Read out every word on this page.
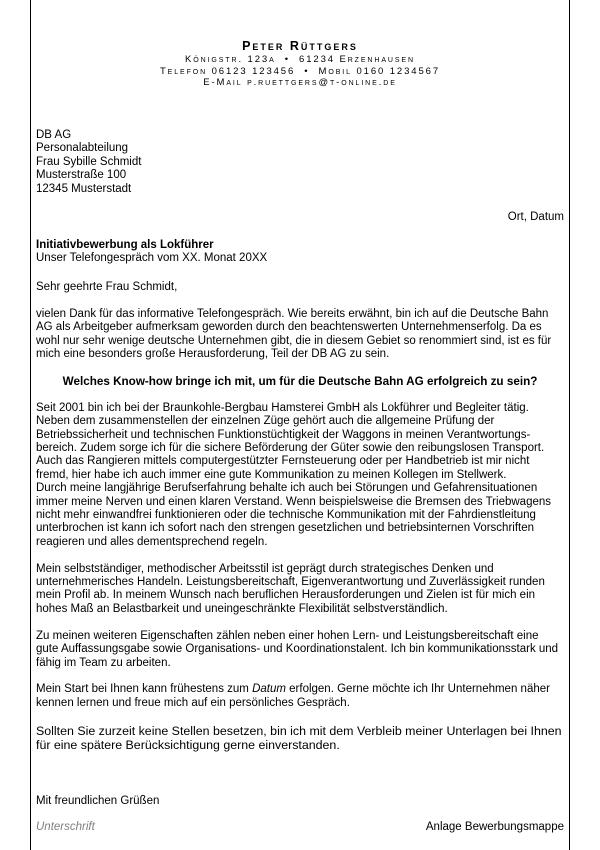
Peter Rüttgers
Königstr. 123a  •  61234 Erzenhausen
Telefon 06123 123456  •  Mobil 0160 1234567
E-Mail p.ruettgers@t-online.de

DB AG

Personalabteilung

Frau Sybille Schmidt

Musterstraße 100

12345 Musterstadt

Ort, Datum

Initiativbewerbung als Lokführer

Unser Telefongespräch vom XX. Monat 20XX

Sehr geehrte Frau Schmidt,

vielen Dank für das informative Telefongespräch. Wie bereits erwähnt, bin ich auf die Deutsche Bahn AG als Arbeitgeber aufmerksam geworden durch den beachtenswerten Unternehmenserfolg. Da es wohl nur sehr wenige deutsche Unternehmen gibt, die in diesem Gebiet so renommiert sind, ist es für mich eine besonders große Herausforderung, Teil der DB AG zu sein.

Welches Know-how bringe ich mit, um für die Deutsche Bahn AG erfolgreich zu sein?

Seit 2001 bin ich bei der Braunkohle-Bergbau Hamsterei GmbH als Lokführer und Begleiter tätig. Neben dem zusammenstellen der einzelnen Züge gehört auch die allgemeine Prüfung der Betriebssicherheit und technischen Funktionstüchtigkeit der Waggons in meinen Verantwortungs-bereich. Zudem sorge ich für die sichere Beförderung der Güter sowie den reibungslosen Transport. Auch das Rangieren mittels computergestützter Fernsteuerung oder per Handbetrieb ist mir nicht fremd, hier habe ich auch immer eine gute Kommunikation zu meinen Kollegen im Stellwerk.

Durch meine langjährige Berufserfahrung behalte ich auch bei Störungen und Gefahrensituationen immer meine Nerven und einen klaren Verstand. Wenn beispielsweise die Bremsen des Triebwagens nicht mehr einwandfrei funktionieren oder die technische Kommunikation mit der Fahrdienstleitung unterbrochen ist kann ich sofort nach den strengen gesetzlichen und betriebsinternen Vorschriften reagieren und alles dementsprechend regeln.

Mein selbstständiger, methodischer Arbeitsstil ist geprägt durch strategisches Denken und unternehmerisches Handeln. Leistungsbereitschaft, Eigenverantwortung und Zuverlässigkeit runden mein Profil ab. In meinem Wunsch nach beruflichen Herausforderungen und Zielen ist für mich ein hohes Maß an Belastbarkeit und uneingeschränkte Flexibilität selbstverständlich.

Zu meinen weiteren Eigenschaften zählen neben einer hohen Lern- und Leistungsbereitschaft eine gute Auffassungsgabe sowie Organisations- und Koordinationstalent. Ich bin kommunikationsstark und fähig im Team zu arbeiten.

Mein Start bei Ihnen kann frühestens zum Datum erfolgen. Gerne möchte ich Ihr Unternehmen näher kennen lernen und freue mich auf ein persönliches Gespräch.

Sollten Sie zurzeit keine Stellen besetzen, bin ich mit dem Verbleib meiner Unterlagen bei Ihnen für eine spätere Berücksichtigung gerne einverstanden.

Mit freundlichen Grüßen
Unterschrift	Anlage Bewerbungsmappe
